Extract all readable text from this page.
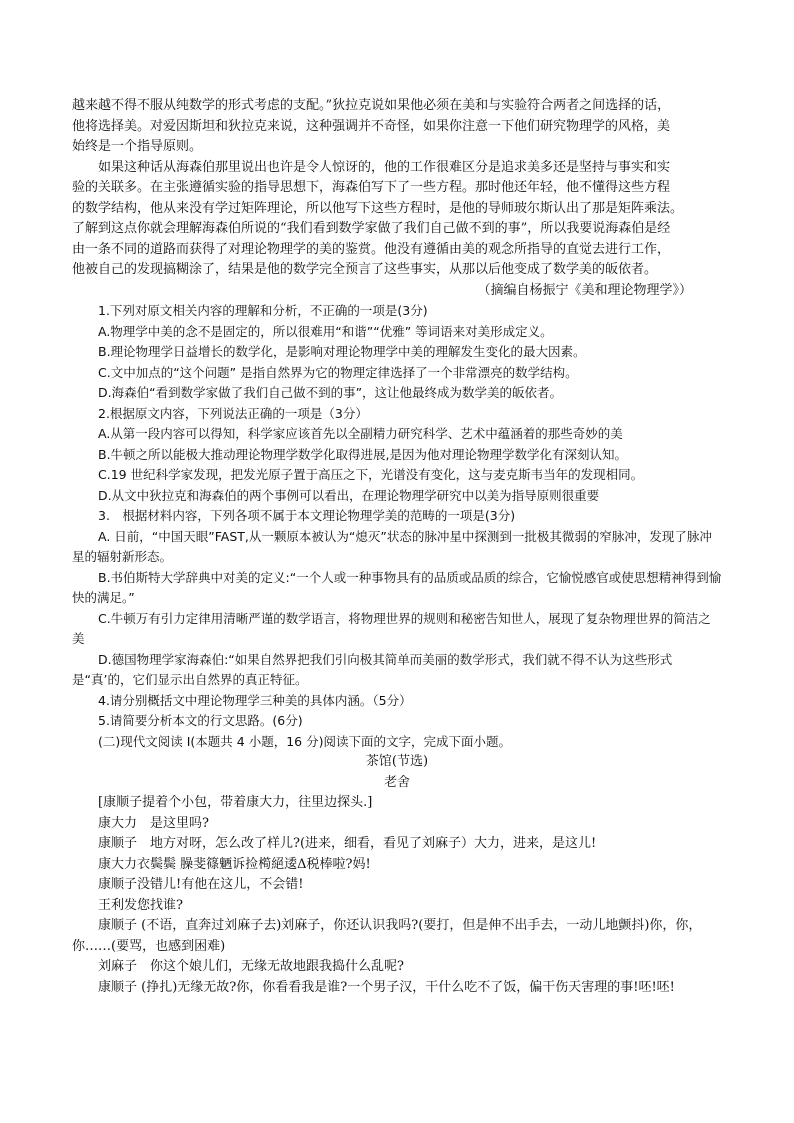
越来越不得不服从纯数学的形式考虑的支配。”狄拉克说如果他必须在美和与实验符合两者之间选择的话，
他将选择美。对爱因斯坦和狄拉克来说，这种强调并不奇怪，如果你注意一下他们研究物理学的风格，美
始终是一个指导原则。
如果这种话从海森伯那里说出也许是令人惊讶的，他的工作很难区分是追求美多还是坚持与事实和实
验的关联多。在主张遵循实验的指导思想下，海森伯写下了一些方程。那时他还年轻，他不懂得这些方程
的数学结构，他从来没有学过矩阵理论，所以他写下这些方程时，是他的导师玻尔斯认出了那是矩阵乘法。
了解到这点你就会理解海森伯所说的“我们看到数学家做了我们自己做不到的事”，所以我要说海森伯是经
由一条不同的道路而获得了对理论物理学的美的鉴赏。他没有遵循由美的观念所指导的直觉去进行工作，
他被自己的发现搞糊涂了，结果是他的数学完全预言了这些事实，从那以后他变成了数学美的皈依者。
（摘编自杨振宁《美和理论物理学》）
1.下列对原文相关内容的理解和分析，不正确的一项是(3分)
A.物理学中美的念不是固定的，所以很难用“和谐”“优雅” 等词语来对美形成定义。
B.理论物理学日益增长的数学化，是影响对理论物理学中美的理解发生变化的最大因素。
C.文中加点的“这个问题” 是指自然界为它的物理定律选择了一个非常漂亮的数学结构。
D.海森伯“看到数学家做了我们自己做不到的事”，这让他最终成为数学美的皈依者。
2.根据原文内容，下列说法正确的一项是（3分）
A.从第一段内容可以得知，科学家应该首先以全副精力研究科学、艺术中蕴涵着的那些奇妙的美
B.牛顿之所以能极大推动理论物理学数学化取得进展,是因为他对理论物理学数学化有深刻认知。
C.19 世纪科学家发现，把发光原子置于高压之下，光谱没有变化，这与麦克斯韦当年的发现相同。
D.从文中狄拉克和海森伯的两个事例可以看出，在理论物理学研究中以美为指导原则很重要
3.　根据材料内容，下列各项不属于本文理论物理学美的范畴的一项是(3分)
A. 日前，“中国天眼”FAST,从一颗原本被认为“熄灭”状态的脉冲星中探测到一批极其微弱的窄脉冲，发现了脉冲星的辐射新形态。
B.书伯斯特大学辞典中对美的定义:“一个人或一种事物具有的品质或品质的综合，它愉悦感官或使思想精神得到愉快的满足。”
C.牛顿万有引力定律用清晰严谨的数学语言，将物理世界的规则和秘密告知世人，展现了复杂物理世界的简洁之美
D.德国物理学家海森伯:“如果自然界把我们引向极其简单而美丽的数学形式，我们就不得不认为这些形式是“真’的，它们显示出自然界的真正特征。
4.请分别概括文中理论物理学三种美的具体内涵。（5分）
5.请简要分析本文的行文思路。(6分)
(二)现代文阅读 I(本题共 4 小题，16 分)阅读下面的文字，完成下面小题。
茶馆(节选)
老舍
[康顺子提着个小包，带着康大力，往里边探头.]
康大力　是这里吗?
康顺子　地方对呀，怎么改了样儿?(进来，细看，看见了刘麻子）大力，进来，是这儿!
康大力衣鬓鬓 臊斐篠魉诉捡橁絕逶Δ税棒啦?妈!
康顺子没错儿!有他在这儿，不会错!
王利发您找谁?
康顺子 (不语，直奔过刘麻子去)刘麻子，你还认识我吗?(要打，但是伸不出手去，一动儿地颤抖)你，你，你……(要骂，也感到困难)
刘麻子　你这个娘儿们，无缘无故地跟我捣什么乱呢?
康顺子 (挣扎)无缘无故?你，你看看我是谁?一个男子汉，干什么吃不了饭，偏干伤天害理的事!呸!呸!
